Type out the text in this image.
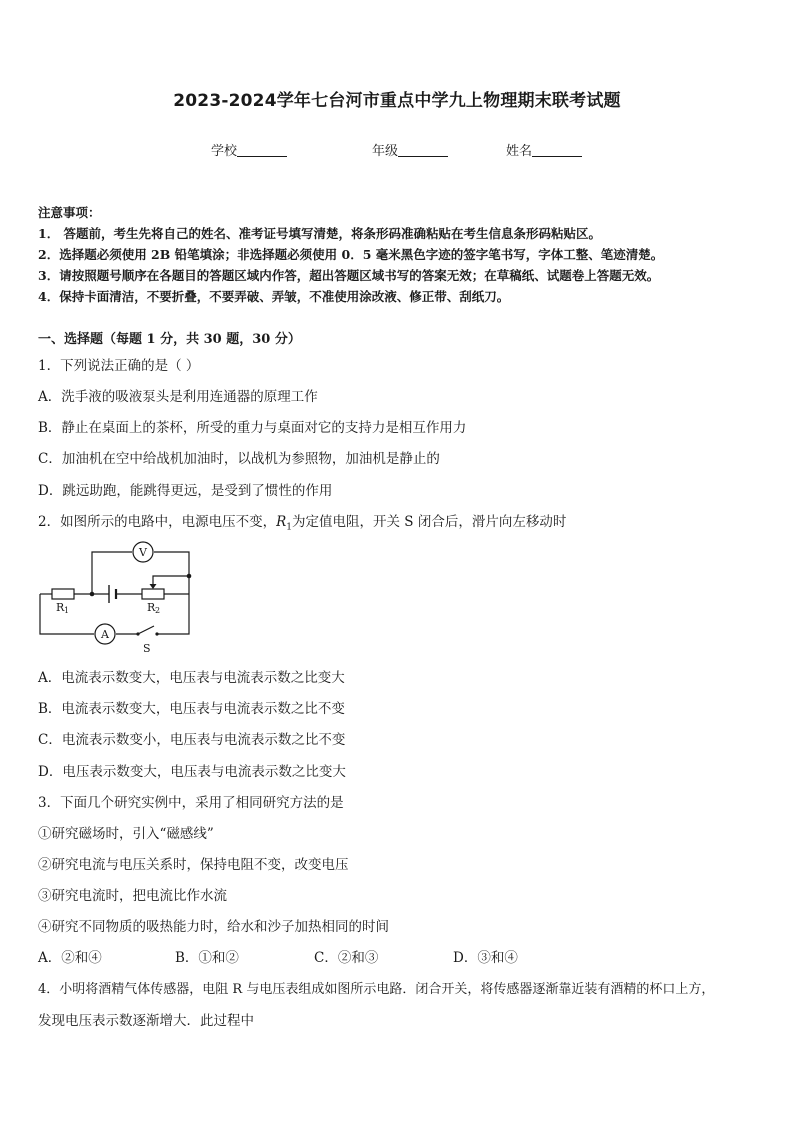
2023-2024学年七台河市重点中学九上物理期末联考试题
学校	年级	姓名
注意事项：
1． 答题前，考生先将自己的姓名、准考证号填写清楚，将条形码准确粘贴在考生信息条形码粘贴区。
2．选择题必须使用 2B 铅笔填涂；非选择题必须使用 0．5 毫米黑色字迹的签字笔书写，字体工整、笔迹清楚。
3．请按照题号顺序在各题目的答题区域内作答，超出答题区域书写的答案无效；在草稿纸、试题卷上答题无效。
4．保持卡面清洁，不要折叠，不要弄破、弄皱，不准使用涂改液、修正带、刮纸刀。
一、选择题（每题 1 分，共 30 题，30 分）
1．下列说法正确的是（ ）
A．洗手液的吸液泵头是利用连通器的原理工作
B．静止在桌面上的茶杯，所受的重力与桌面对它的支持力是相互作用力
C．加油机在空中给战机加油时，以战机为参照物，加油机是静止的
D．跳远助跑，能跳得更远，是受到了惯性的作用
2．如图所示的电路中，电源电压不变，$R_1$为定值电阻，开关 S 闭合后，滑片向左移动时
V
A
R 1	R 2
S
A．电流表示数变大，电压表与电流表示数之比变大
B．电流表示数变大，电压表与电流表示数之比不变
C．电流表示数变小，电压表与电流表示数之比不变
D．电压表示数变大，电压表与电流表示数之比变大
3．下面几个研究实例中，采用了相同研究方法的是
①研究磁场时，引入“磁感线”
②研究电流与电压关系时，保持电阻不变，改变电压
③研究电流时，把电流比作水流
④研究不同物质的吸热能力时，给水和沙子加热相同的时间
A．②和④	B．①和②	C．②和③	D．③和④
4．小明将酒精气体传感器，电阻 R 与电压表组成如图所示电路．闭合开关，将传感器逐渐靠近装有酒精的杯口上方，
发现电压表示数逐渐增大．此过程中
